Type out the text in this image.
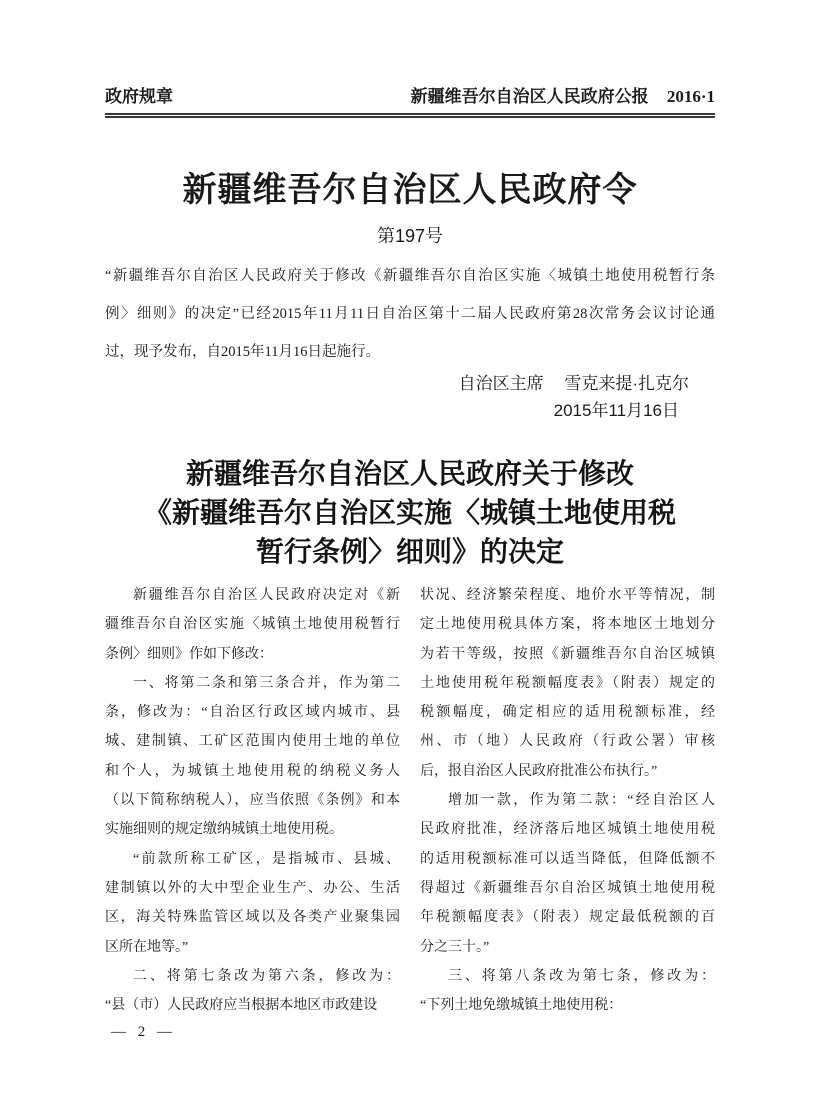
政府规章	新疆维吾尔自治区人民政府公报 2016·1
新疆维吾尔自治区人民政府令
第197号
“新疆维吾尔自治区人民政府关于修改《新疆维吾尔自治区实施〈城镇土地使用税暂行条
例〉细则》的决定”已经2015年11月11日自治区第十二届人民政府第28次常务会议讨论通
过，现予发布，自2015年11月16日起施行。
自治区主席 雪克来提·扎克尔
2015年11月16日
新疆维吾尔自治区人民政府关于修改
《新疆维吾尔自治区实施〈城镇土地使用税
暂行条例〉细则》的决定
新疆维吾尔自治区人民政府决定对《新
疆维吾尔自治区实施〈城镇土地使用税暂行
条例〉细则》作如下修改：
一、将第二条和第三条合并，作为第二
条，修改为：“自治区行政区域内城市、县
城、建制镇、工矿区范围内使用土地的单位
和个人，为城镇土地使用税的纳税义务人
（以下简称纳税人），应当依照《条例》和本
实施细则的规定缴纳城镇土地使用税。
“前款所称工矿区，是指城市、县城、
建制镇以外的大中型企业生产、办公、生活
区，海关特殊监管区域以及各类产业聚集园
区所在地等。”
二、将第七条改为第六条，修改为：
“县（市）人民政府应当根据本地区市政建设
状况、经济繁荣程度、地价水平等情况，制
定土地使用税具体方案，将本地区土地划分
为若干等级，按照《新疆维吾尔自治区城镇
土地使用税年税额幅度表》（附表）规定的
税额幅度，确定相应的适用税额标准，经
州、市（地）人民政府（行政公署）审核
后，报自治区人民政府批准公布执行。”
增加一款，作为第二款：“经自治区人
民政府批准，经济落后地区城镇土地使用税
的适用税额标准可以适当降低，但降低额不
得超过《新疆维吾尔自治区城镇土地使用税
年税额幅度表》（附表）规定最低税额的百
分之三十。”
三、将第八条改为第七条，修改为：
“下列土地免缴城镇土地使用税：
— 2 —
